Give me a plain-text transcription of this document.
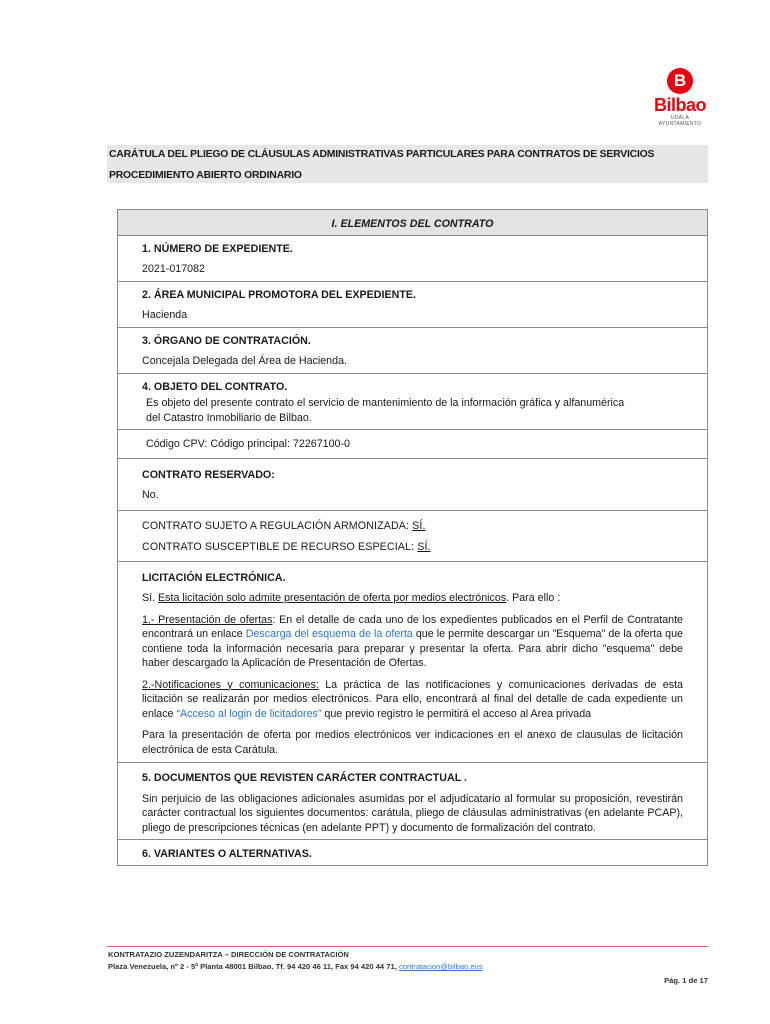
B
Bilbao
UDALA
AYUNTAMIENTO
CARÁTULA DEL PLIEGO DE CLÁUSULAS ADMINISTRATIVAS PARTICULARES PARA CONTRATOS DE SERVICIOS
PROCEDIMIENTO ABIERTO ORDINARIO
I. ELEMENTOS DEL CONTRATO
1. NÚMERO DE EXPEDIENTE.

2021-017082

2. ÁREA MUNICIPAL PROMOTORA DEL EXPEDIENTE.

Hacienda

3. ÓRGANO DE CONTRATACIÓN.

Concejala Delegada del Área de Hacienda.

4. OBJETO DEL CONTRATO.

Es objeto del presente contrato el servicio de mantenimiento de la información gráfica y alfanumérica

del Catastro Inmobiliario de Bilbao.

Código CPV: Código principal: 72267100-0

CONTRATO RESERVADO:

No.

CONTRATO SUJETO A REGULACIÓN ARMONIZADA: SÍ.

CONTRATO SUSCEPTIBLE DE RECURSO ESPECIAL: SÍ.

LICITACIÓN ELECTRÓNICA.

Sí. Esta licitación solo admite presentación de oferta por medios electrónicos. Para ello :

1.- Presentación de ofertas: En el detalle de cada uno de los expedientes publicados en el Perfil de Contratante encontrará un enlace Descarga del esquema de la oferta que le permite descargar un "Esquema" de la oferta que contiene toda la información necesaria para preparar y presentar la oferta. Para abrir dicho "esquema" debe haber descargado la Aplicación de Presentación de Ofertas.

2.-Notificaciones y comunicaciones: La práctica de las notificaciones y comunicaciones derivadas de esta licitación se realizarán por medios electrónicos. Para ello, encontrará al final del detalle de cada expediente un enlace “Acceso al login de licitadores” que previo registro le permitirá el acceso al Area privada

Para la presentación de oferta por medios electrónicos ver indicaciones en el anexo de clausulas de licitación electrónica de esta Carátula.

5. DOCUMENTOS QUE REVISTEN CARÁCTER CONTRACTUAL .

Sin perjuicio de las obligaciones adicionales asumidas por el adjudicatario al formular su proposición, revestirán carácter contractual los siguientes documentos: carátula, pliego de cláusulas administrativas (en adelante PCAP), pliego de prescripciones técnicas (en adelante PPT) y documento de formalización del contrato.

6. VARIANTES O ALTERNATIVAS.
KONTRATAZIO ZUZENDARITZA – DIRECCIÓN DE CONTRATACIÓN
Plaza Venezuela, nº 2 - 5ª Planta 48001 Bilbao. Tf. 94 420 46 11, Fax 94 420 44 71, contratacion@bilbao.eus
Pág. 1 de 17
